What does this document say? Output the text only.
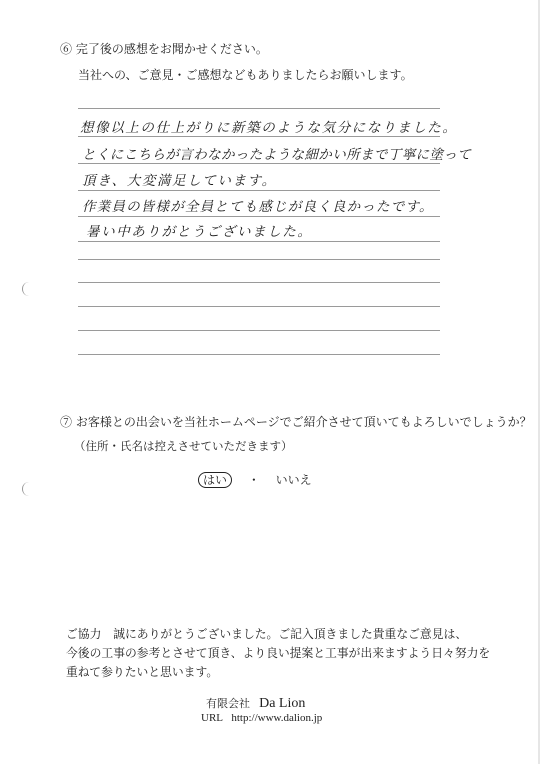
⑥ 完了後の感想をお聞かせください。
当社への、ご意見・ご感想などもありましたらお願いします。
想像以上の仕上がりに新築のような気分になりました。
とくにこちらが言わなかったような細かい所まで丁寧に塗って
頂き、大変満足しています。
作業員の皆様が全員とても感じが良く良かったです。
暑い中ありがとうございました。
⑦ お客様との出会いを当社ホームページでご紹介させて頂いてもよろしいでしょうか？
（住所・氏名は控えさせていただきます）
はい ・ いいえ
ご協力　誠にありがとうございました。ご記入頂きました貴重なご意見は、
今後の工事の参考とさせて頂き、より良い提案と工事が出来ますよう日々努力を
重ねて参りたいと思います。
有限会社 Da Lion
URL http://www.dalion.jp
